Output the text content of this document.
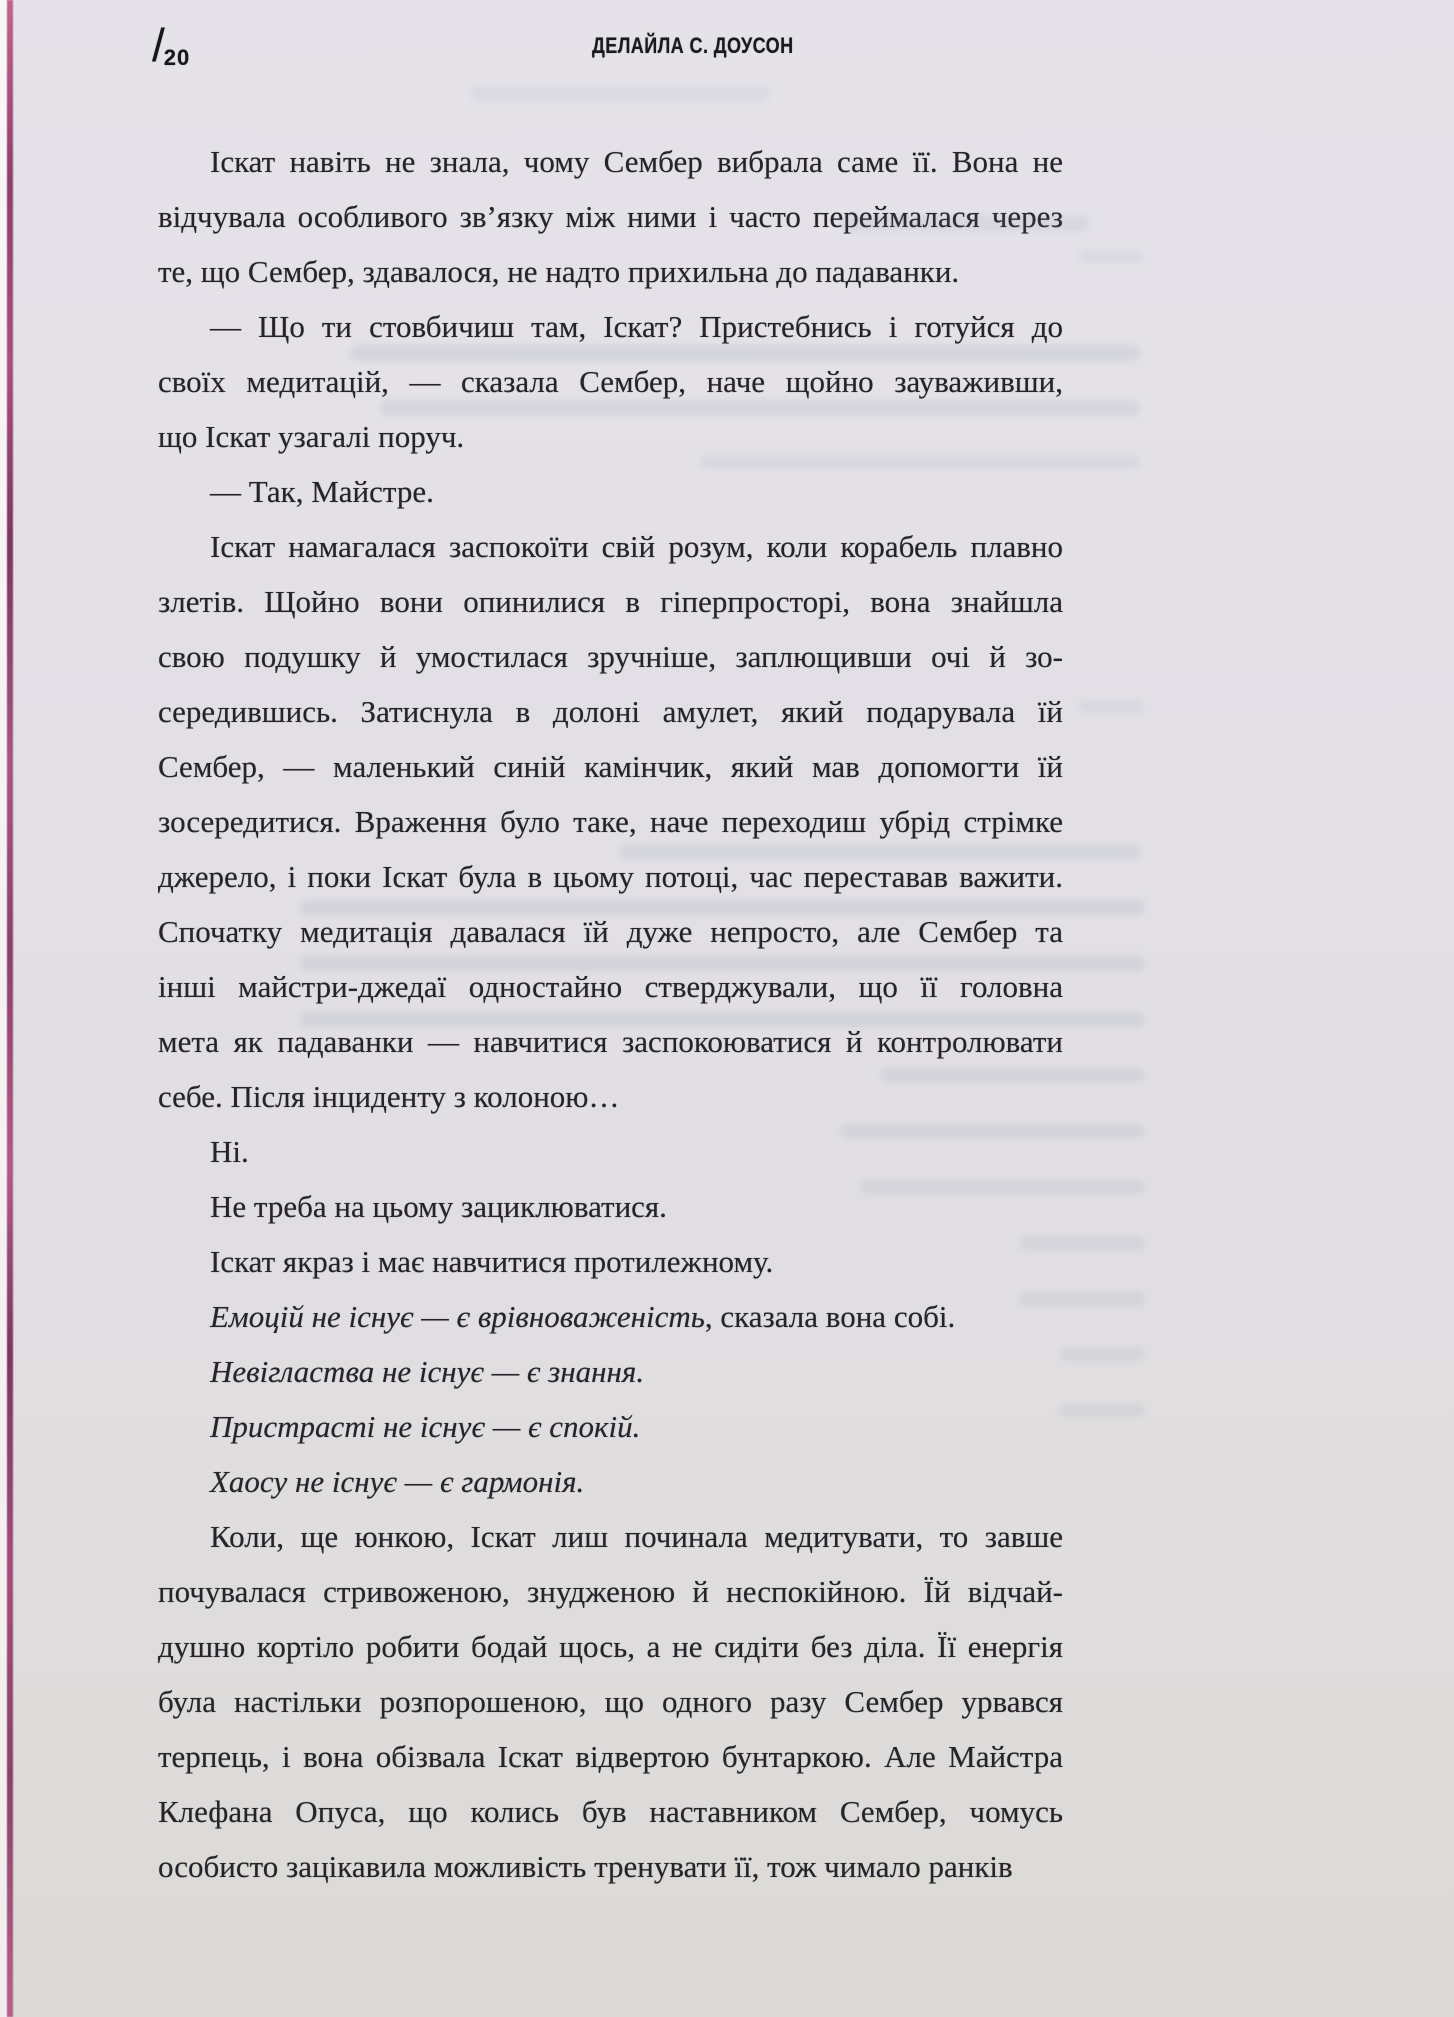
/20	ДЕЛАЙЛА С. ДОУСОН
Іскат навіть не знала, чому Сембер вибрала саме її. Вона не
відчувала особливого зв’язку між ними і часто переймалася через
те, що Сембер, здавалося, не надто прихильна до падаванки.
— Що ти стовбичиш там, Іскат? Пристебнись і готуйся до
своїх медитацій, — сказала Сембер, наче щойно зауваживши,
що Іскат узагалі поруч.
— Так, Майстре.
Іскат намагалася заспокоїти свій розум, коли корабель плавно
злетів. Щойно вони опинилися в гіперпросторі, вона знайшла
свою подушку й умостилася зручніше, заплющивши очі й зо-
середившись. Затиснула в долоні амулет, який подарувала їй
Сембер, — маленький синій камінчик, який мав допомогти їй
зосередитися. Враження було таке, наче переходиш убрід стрімке
джерело, і поки Іскат була в цьому потоці, час переставав важити.
Спочатку медитація давалася їй дуже непросто, але Сембер та
інші майстри-джедаї одностайно стверджували, що її головна
мета як падаванки — навчитися заспокоюватися й контролювати
себе. Після інциденту з колоною…
Ні.
Не треба на цьому зациклюватися.
Іскат якраз і має навчитися протилежному.
Емоцій не існує — є врівноваженість, сказала вона собі.
Невігластва не існує — є знання.
Пристрасті не існує — є спокій.
Хаосу не існує — є гармонія.
Коли, ще юнкою, Іскат лиш починала медитувати, то завше
почувалася стривоженою, знудженою й неспокійною. Їй відчай-
душно кортіло робити бодай щось, а не сидіти без діла. Її енергія
була настільки розпорошеною, що одного разу Сембер урвався
терпець, і вона обізвала Іскат відвертою бунтаркою. Але Майстра
Клефана Опуса, що колись був наставником Сембер, чомусь
особисто зацікавила можливість тренувати її, тож чимало ранків
